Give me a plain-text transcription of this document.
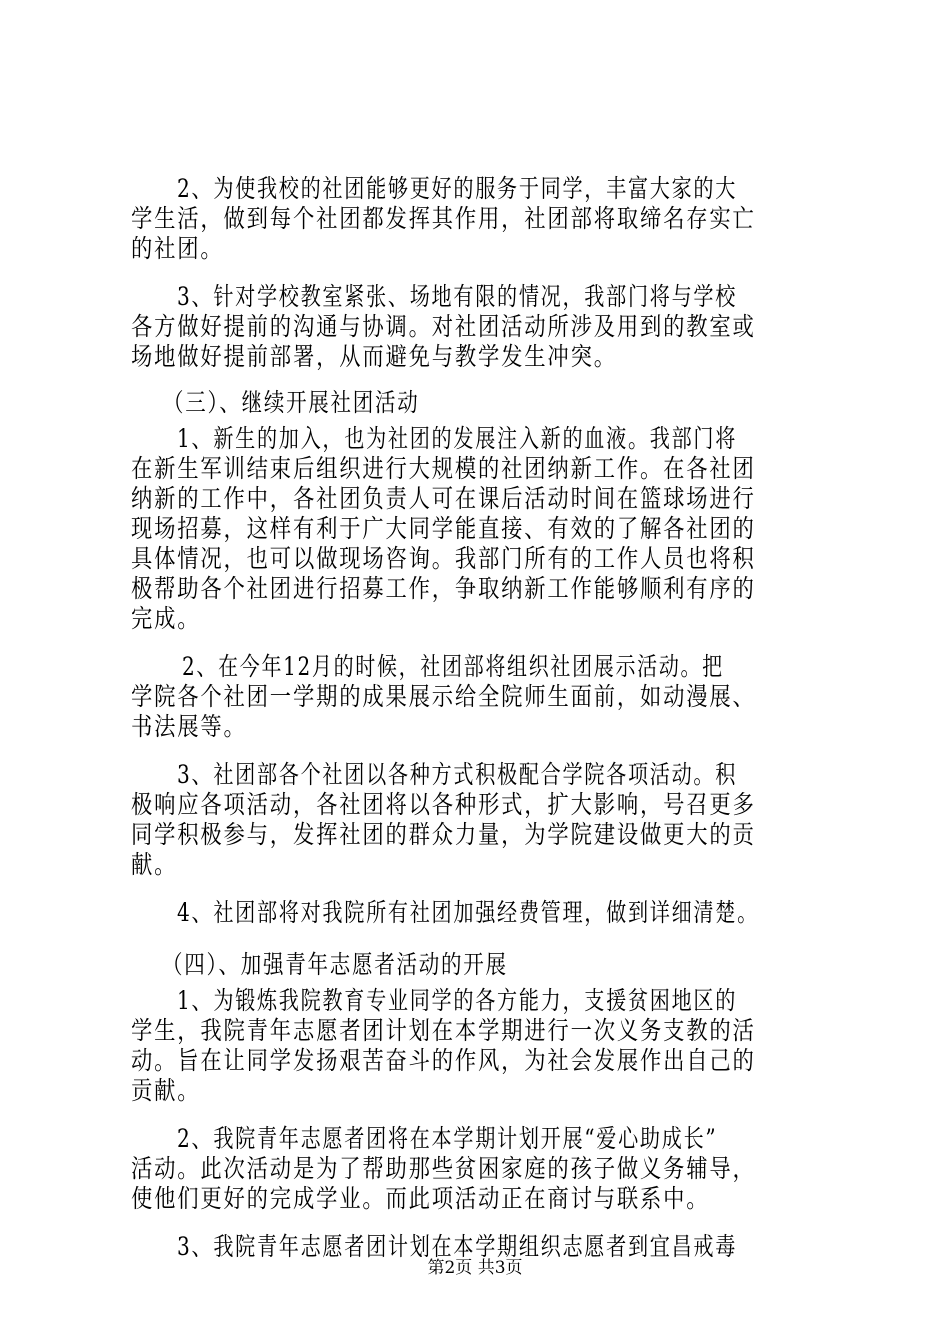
2、为使我校的社团能够更好的服务于同学，丰富大家的大
学生活，做到每个社团都发挥其作用，社团部将取缔名存实亡
的社团。
3、针对学校教室紧张、场地有限的情况，我部门将与学校
各方做好提前的沟通与协调。对社团活动所涉及用到的教室或
场地做好提前部署，从而避免与教学发生冲突。
（三）、继续开展社团活动
1、新生的加入，也为社团的发展注入新的血液。我部门将
在新生军训结束后组织进行大规模的社团纳新工作。在各社团
纳新的工作中，各社团负责人可在课后活动时间在篮球场进行
现场招募，这样有利于广大同学能直接、有效的了解各社团的
具体情况，也可以做现场咨询。我部门所有的工作人员也将积
极帮助各个社团进行招募工作，争取纳新工作能够顺利有序的
完成。
2、在今年12月的时候，社团部将组织社团展示活动。把
学院各个社团一学期的成果展示给全院师生面前，如动漫展、
书法展等。
3、社团部各个社团以各种方式积极配合学院各项活动。积
极响应各项活动，各社团将以各种形式，扩大影响，号召更多
同学积极参与，发挥社团的群众力量，为学院建设做更大的贡
献。
4、社团部将对我院所有社团加强经费管理，做到详细清楚。
（四）、加强青年志愿者活动的开展
1、为锻炼我院教育专业同学的各方能力，支援贫困地区的
学生，我院青年志愿者团计划在本学期进行一次义务支教的活
动。旨在让同学发扬艰苦奋斗的作风，为社会发展作出自己的
贡献。
2、我院青年志愿者团将在本学期计划开展“爱心助成长”
活动。此次活动是为了帮助那些贫困家庭的孩子做义务辅导，
使他们更好的完成学业。而此项活动正在商讨与联系中。
3、我院青年志愿者团计划在本学期组织志愿者到宜昌戒毒
第2页 共3页
